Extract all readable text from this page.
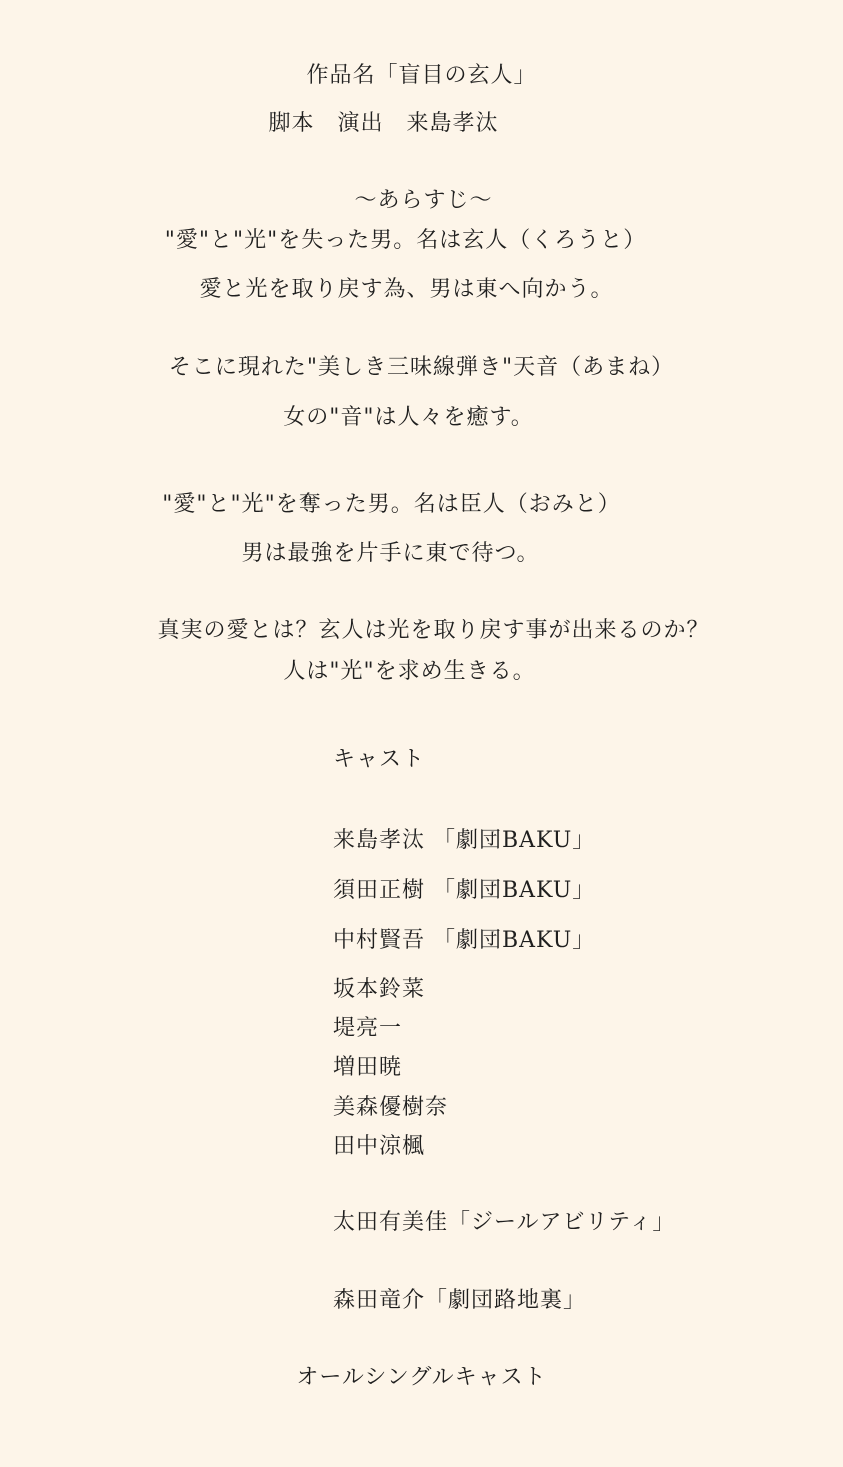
作品名「盲目の玄人」
脚本　演出　来島孝汰
〜あらすじ〜
"愛"と"光"を失った男。名は玄人（くろうと）
愛と光を取り戻す為、男は東へ向かう。
そこに現れた"美しき三味線弾き"天音（あまね）
女の"音"は人々を癒す。
"愛"と"光"を奪った男。名は臣人（おみと）
男は最強を片手に東で待つ。
真実の愛とは？玄人は光を取り戻す事が出来るのか？
人は"光"を求め生きる。
キャスト
来島孝汰 「劇団BAKU」
須田正樹 「劇団BAKU」
中村賢吾 「劇団BAKU」
坂本鈴菜
堤亮一
増田暁
美森優樹奈
田中涼楓
太田有美佳「ジールアビリティ」
森田竜介「劇団路地裏」
オールシングルキャスト
